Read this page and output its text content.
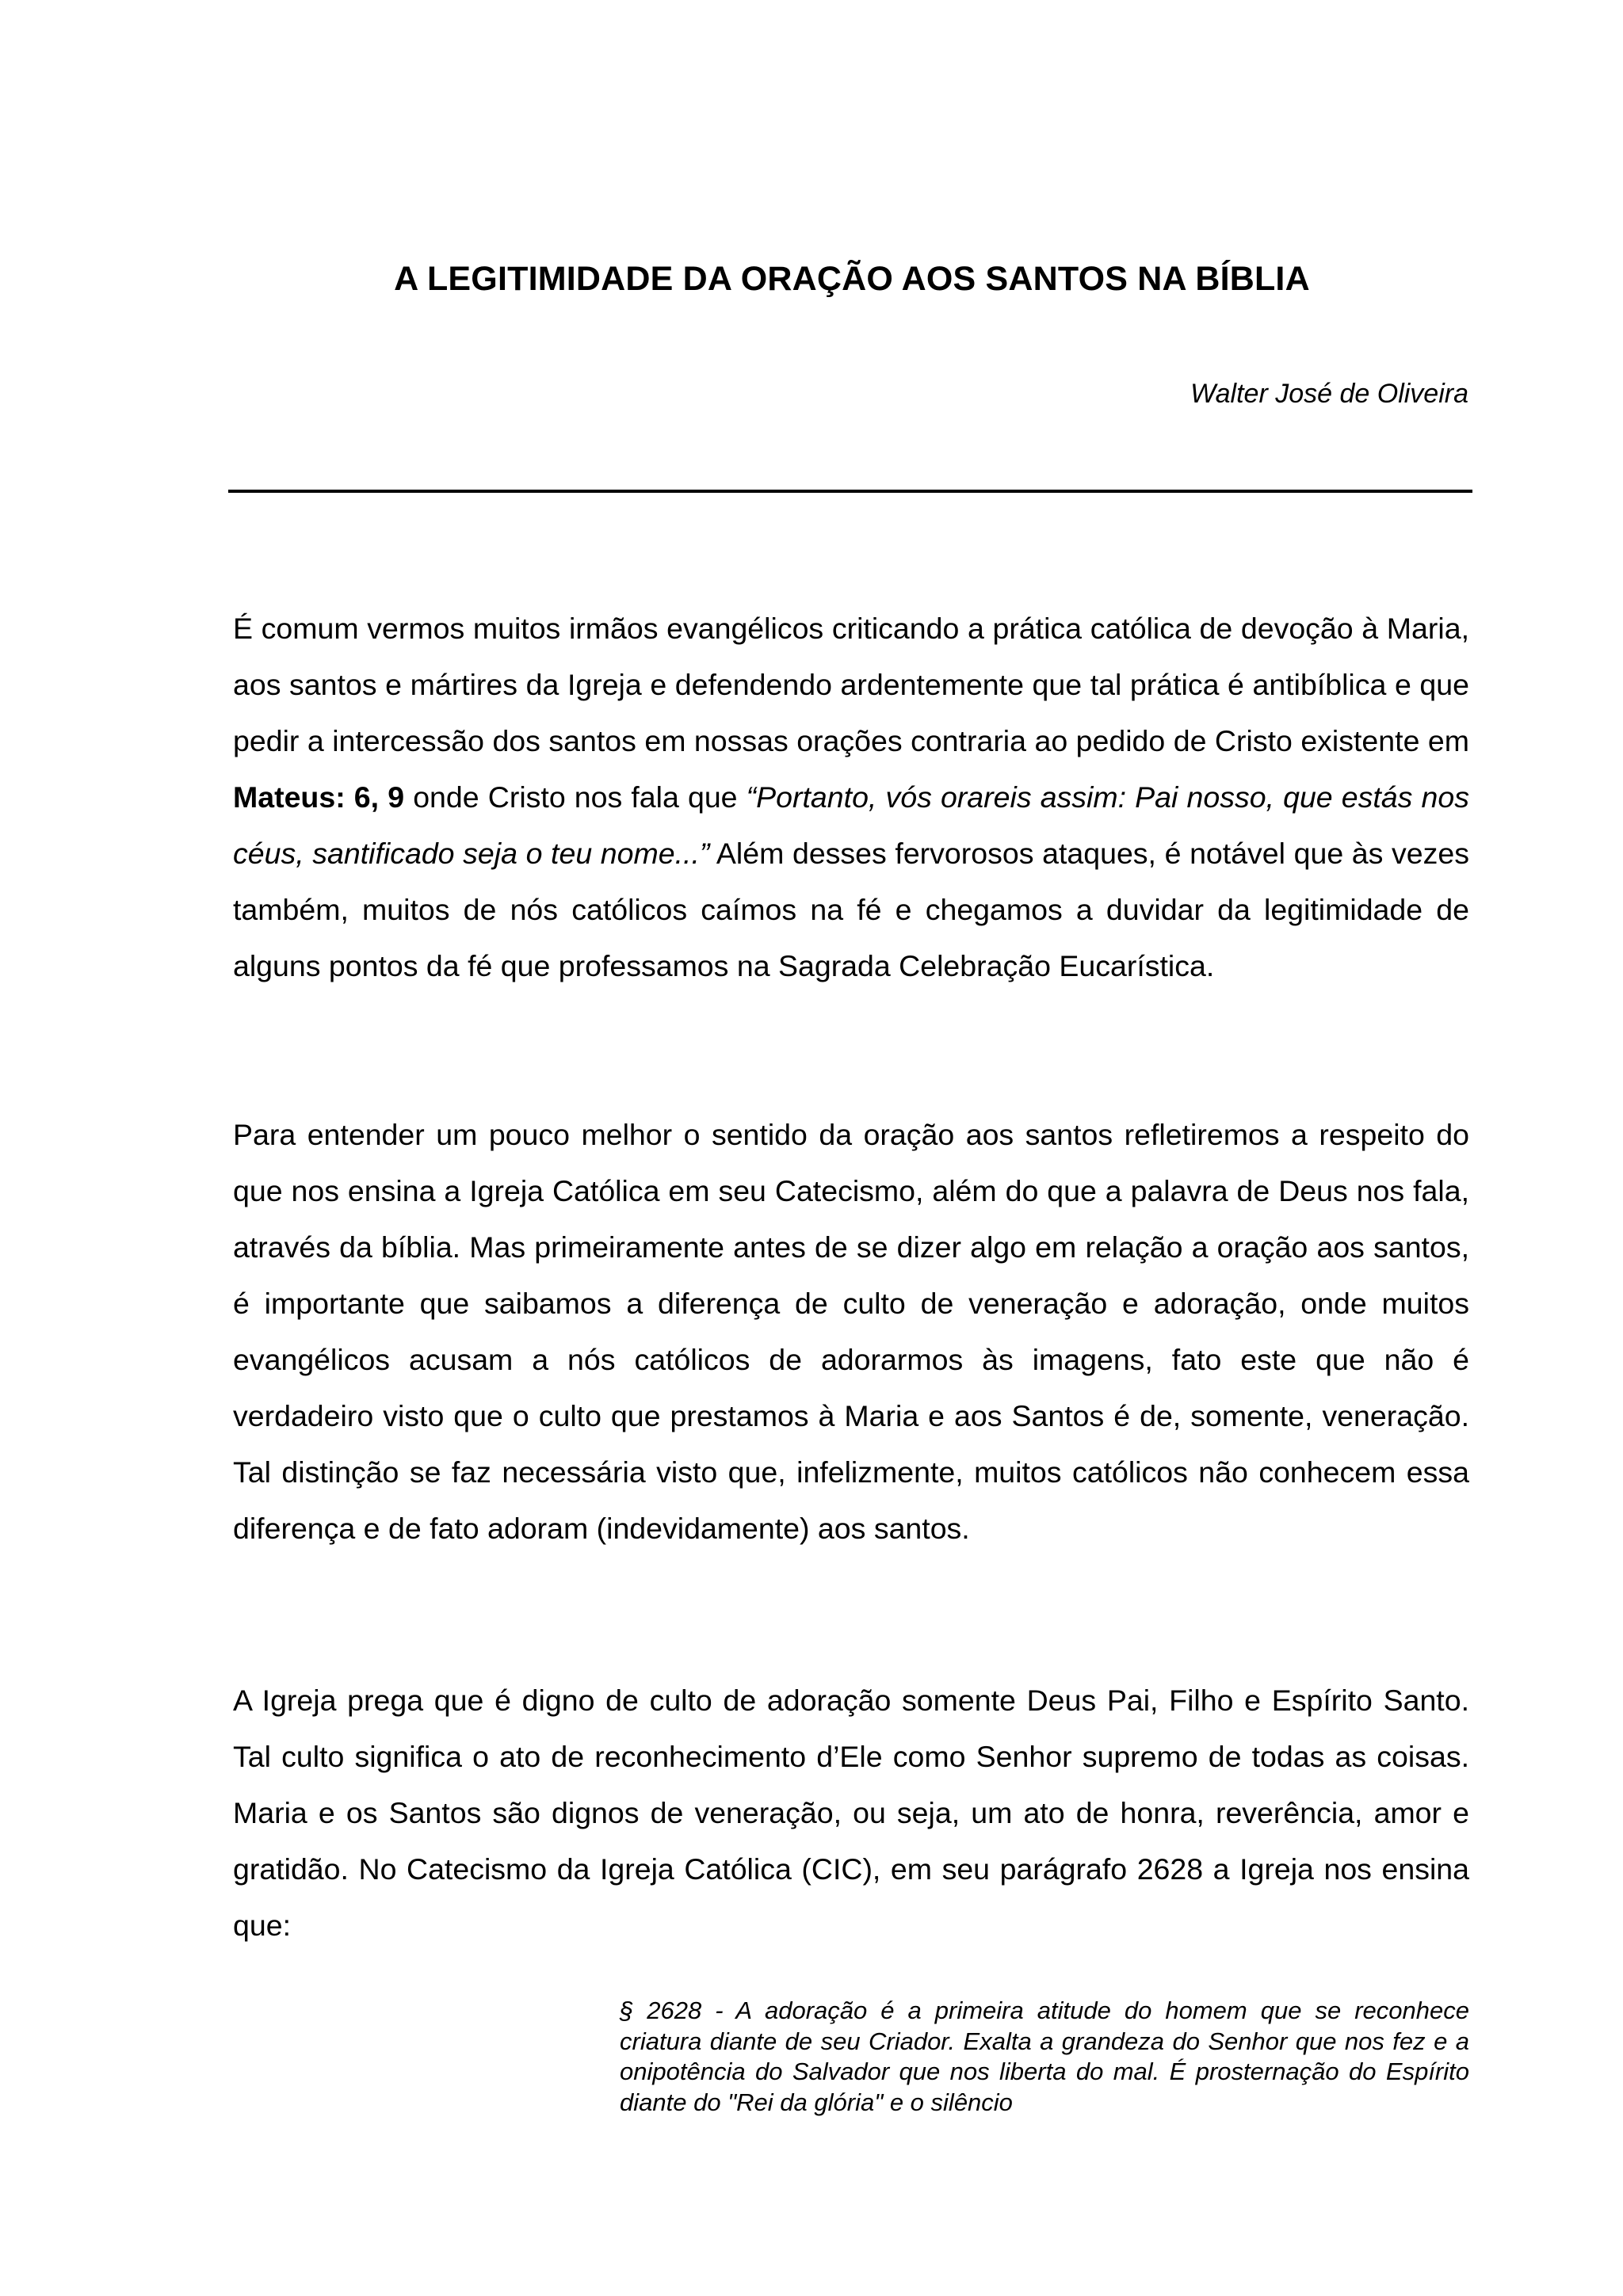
A LEGITIMIDADE DA ORAÇÃO AOS SANTOS NA BÍBLIA

Walter José de Oliveira

É comum vermos muitos irmãos evangélicos criticando a prática católica de devoção à Maria, aos santos e mártires da Igreja e defendendo ardentemente que tal prática é antibíblica e que pedir a intercessão dos santos em nossas orações contraria ao pedido de Cristo existente em Mateus: 6, 9 onde Cristo nos fala que “Portanto, vós orareis assim: Pai nosso, que estás nos céus, santificado seja o teu nome...” Além desses fervorosos ataques, é notável que às vezes também, muitos de nós católicos caímos na fé e chegamos a duvidar da legitimidade de alguns pontos da fé que professamos na Sagrada Celebração Eucarística.

Para entender um pouco melhor o sentido da oração aos santos refletiremos a respeito do que nos ensina a Igreja Católica em seu Catecismo, além do que a palavra de Deus nos fala, através da bíblia. Mas primeiramente antes de se dizer algo em relação a oração aos santos, é importante que saibamos a diferença de culto de veneração e adoração, onde muitos evangélicos acusam a nós católicos de adorarmos às imagens, fato este que não é verdadeiro visto que o culto que prestamos à Maria e aos Santos é de, somente, veneração. Tal distinção se faz necessária visto que, infelizmente, muitos católicos não conhecem essa diferença e de fato adoram (indevidamente) aos santos.

A Igreja prega que é digno de culto de adoração somente Deus Pai, Filho e Espírito Santo. Tal culto significa o ato de reconhecimento d’Ele como Senhor supremo de todas as coisas. Maria e os Santos são dignos de veneração, ou seja, um ato de honra, reverência, amor e gratidão. No Catecismo da Igreja Católica (CIC), em seu parágrafo 2628 a Igreja nos ensina que:

§ 2628 - A adoração é a primeira atitude do homem que se reconhece criatura diante de seu Criador. Exalta a grandeza do Senhor que nos fez e a onipotência do Salvador que nos liberta do mal. É prosternação do Espírito diante do "Rei da glória" e o silêncio
